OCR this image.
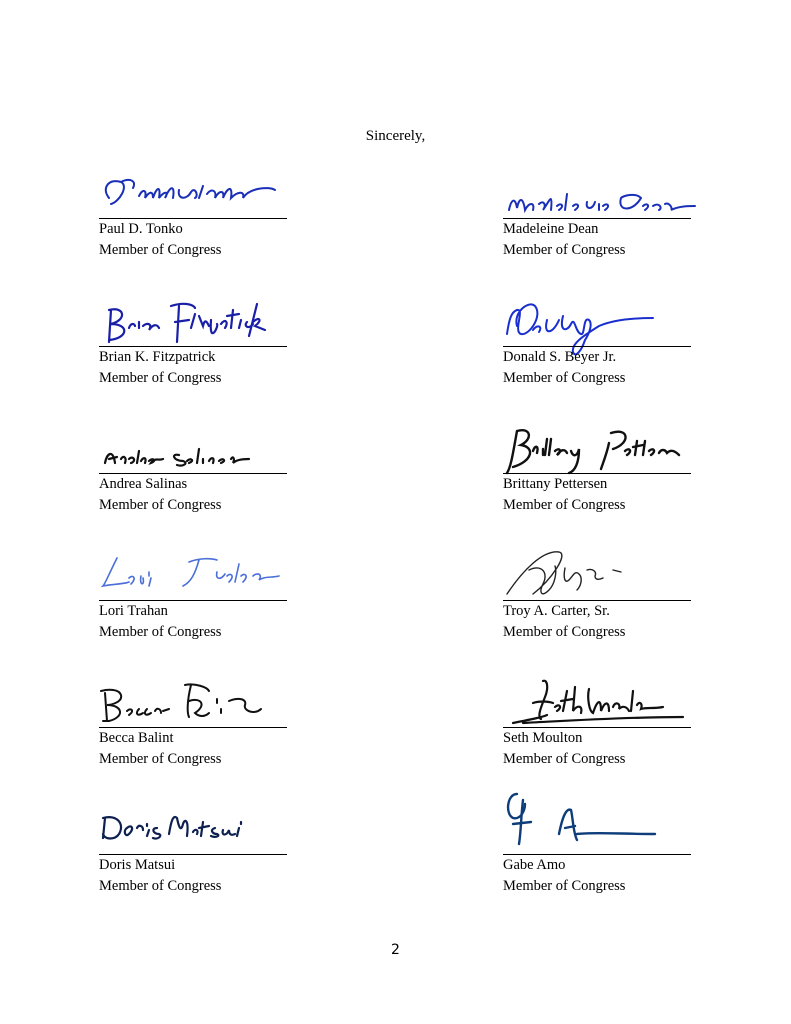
Sincerely,
Paul D. Tonko
Member of Congress
Madeleine Dean
Member of Congress
Brian K. Fitzpatrick
Member of Congress
Donald S. Beyer Jr.
Member of Congress
Andrea Salinas
Member of Congress
Brittany Pettersen
Member of Congress
Lori Trahan
Member of Congress
Troy A. Carter, Sr.
Member of Congress
Becca Balint
Member of Congress
Seth Moulton
Member of Congress
Doris Matsui
Member of Congress
Gabe Amo
Member of Congress
2
